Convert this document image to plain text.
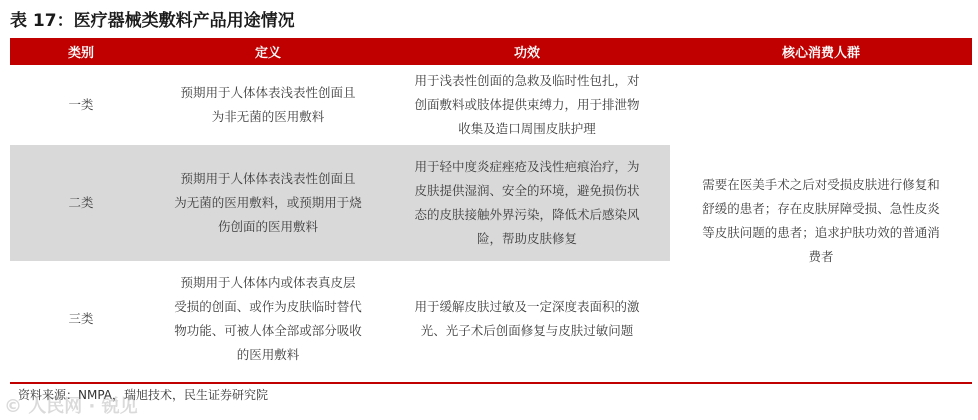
表 17：医疗器械类敷料产品用途情况
类别	定义	功效	核心消费人群
一类	预期用于人体体表浅表性创面且
为非无菌的医用敷料	用于浅表性创面的急救及临时性包扎，对
创面敷料或肢体提供束缚力，用于排泄物
收集及造口周围皮肤护理	需要在医美手术之后对受损皮肤进行修复和
舒缓的患者；存在皮肤屏障受损、急性皮炎
等皮肤问题的患者；追求护肤功效的普通消
费者

二类	预期用于人体体表浅表性创面且
为无菌的医用敷料，或预期用于烧
伤创面的医用敷料	用于轻中度炎症痤疮及浅性疤痕治疗，为
皮肤提供湿润、安全的环境，避免损伤状
态的皮肤接触外界污染，降低术后感染风
险，帮助皮肤修复	

三类	预期用于人体体内或体表真皮层
受损的创面、或作为皮肤临时替代
物功能、可被人体全部或部分吸收
的医用敷料	用于缓解皮肤过敏及一定深度表面积的激
光、光子术后创面修复与皮肤过敏问题	
资料来源：NMPA，瑞旭技术，民生证券研究院
© 人民网 · 锐见
